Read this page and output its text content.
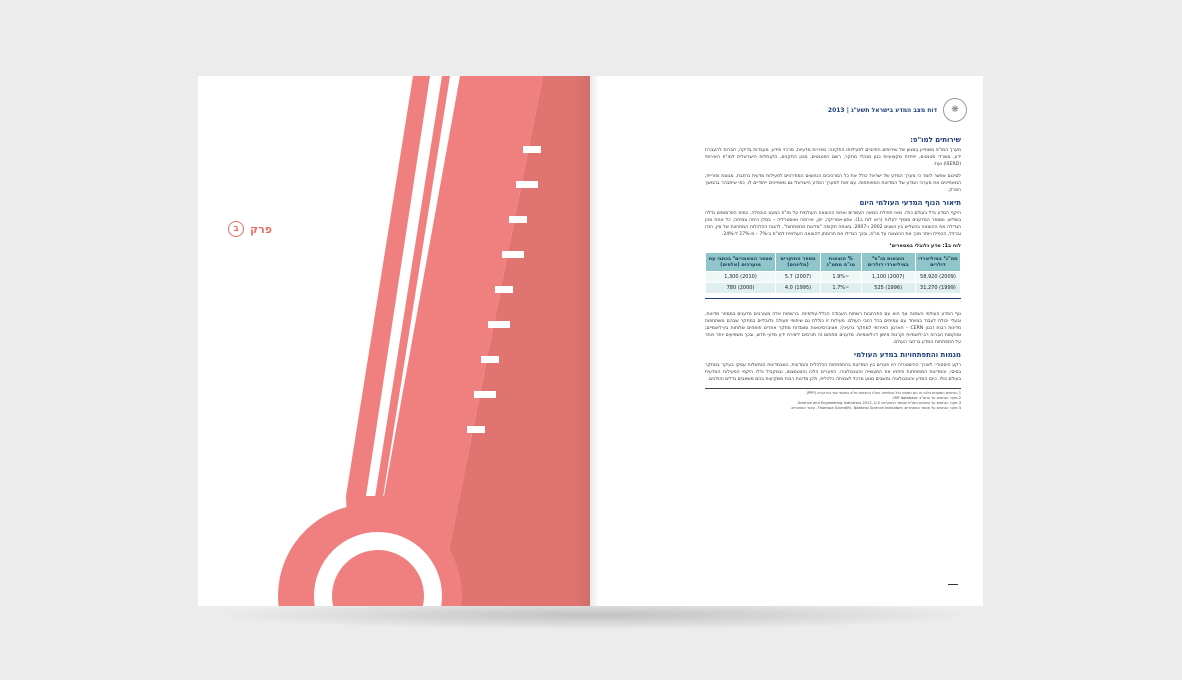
פרק
ב
❋
דוח מצב המדע בישראל תשע"ג | 2013
שירותים למו"פ:

מערך המו"פ משתייע במגוון של שירותים החיוניים לפעילותו התקינה: ספריות מדעיות, מרכזי מידע, מעבדות בדיקה, חברות להעברת ידע, משרדי פטנטים, יחידות מקצועיות כגון מנהלי מחקר, רשם הפטנטים, מכון התקנים, הקנתלות הישראלית למו"פ האירופי (ISERD) ועוד.

לסיכום אפשר לומר כי מערך המדע של ישראל כולל את כל המרכיבים הנחוצים המודרניים לפעילות מדעית נרחבת, מגוונת ופוריית, המאפיינים את מערכי המדע של המדינות המפותחות. עם זאת למערך המדע הישראלי גם מאפיינים ייחודיים לו, כפי שיתבהר בהמשך הפרק.

תיאור הנוף המדעי העולמי היום

היקף המדע גדל בעולם כולו. מאז תחילת המאה העשרים ואחת ההוצאה העולמית על מו"פ כמעט הוכפלה, כמות הפרסומים גדלה בשליש, ומספר המדענים מוסיף לעלות (ראו לוח ב1). צפון-אמריקה, יפן, אירופה ואוסטרליה – בסלן היתה צמיחה; כל אחת מהן הגדילה את ההוצאה בכשליש בין השנים 2002 ו-2007. באותה תקופה "מדינות מתפתחות", להגות הכלכלות המתהוות של סין, הודו וברזיל, הכפילו ויותר מכך את ההוצאה על מו"פ, ובכך הגדילו את תרומתן להוצאה העולמית למו"פ ב-7% – מ-17% ל-24%.

לוח ב1: מדע גלובלי במספרים¹
תמ"ג² במיליארדי דולרים	הוצאות מו"פ² במיליארדי דולרים	% הוצאות מו"פ מתמ"ג	מספר החוקרים (מליונים)	מספר המאמרים³ בכתבי עת מוערכים (אלפים)
(2009) 58,920	(2007) 1,100	~1.9%	(2007) 5.7	(2010) 1,300
(1999) 31,270	(1996) 525	~1.7%	(1995) 4.0	(2000) 780

נוף המדע העולמי השתנה אף הוא עם התרחבות רשתות העבודה הכלל-עולמיות. ברשתות אלה מעורבים מדענים במספר מדינות, ובעלי יכולת לעבוד במיוחד עם עמיתים בכל רחבי העולם. פעילות זו כוללת גם שיתופי פעולה גלובליים במחקר שבהם משתתפות מדינות רבות (כגון CERN – הארגון האירופי למחקר גרעיני); אוניברסיטאות ומוסדות מחקר אחרים פותחים שלוחות בין-לאומיים; ומוקמות חברות רב-לאומיות וקרנות מימון דו-לאומיות. מדענים מתחום זה תורמים ליצירת ידע מדעי חדש, ובכך משפיעים יותר ויותר על התפתחות המדע ברחבי העולם.

מגמות והתפתחויות במדע העולמי

רקע היסטורי: לאורך ההיסטוריה היו פערים בין המדינות בהתפתחות הכלכלית והמדעית, כשבמדינות הנחשלות עסקו בעיקר במחקר בסיסי, והמדינות המפותחות פיתחו את התעשייה והטכנולוגיה. הפערים הלכו והצטמצמו, ובמקביל גדלו היקפי הפעילות המדעית בעולם כולו. כיום המדע והטכנולוגיה נחשבים מנוע מרכזי לצמיחה כלכלית, ולכן מדינות רבות משקיעות בהם משאבים גדלים והולכים.

1 הנתונים המוצגים בלוח זה הם נתונים כלל-עולמיים. תמ"ג והוצאות מו"פ במונחי שווי כוח קנייה (PPP).

2 מקור הנתונים על התמ"ג: IMF database.

3 מקור הנתונים על הוצאות המו"פ ומספר החוקרים: Science and Engineering Indicators 2012, U.S.

4 מקור הנתונים על מספר המאמרים: Thomson Scientific, National Science Indicators. עיבוד המחברים.
